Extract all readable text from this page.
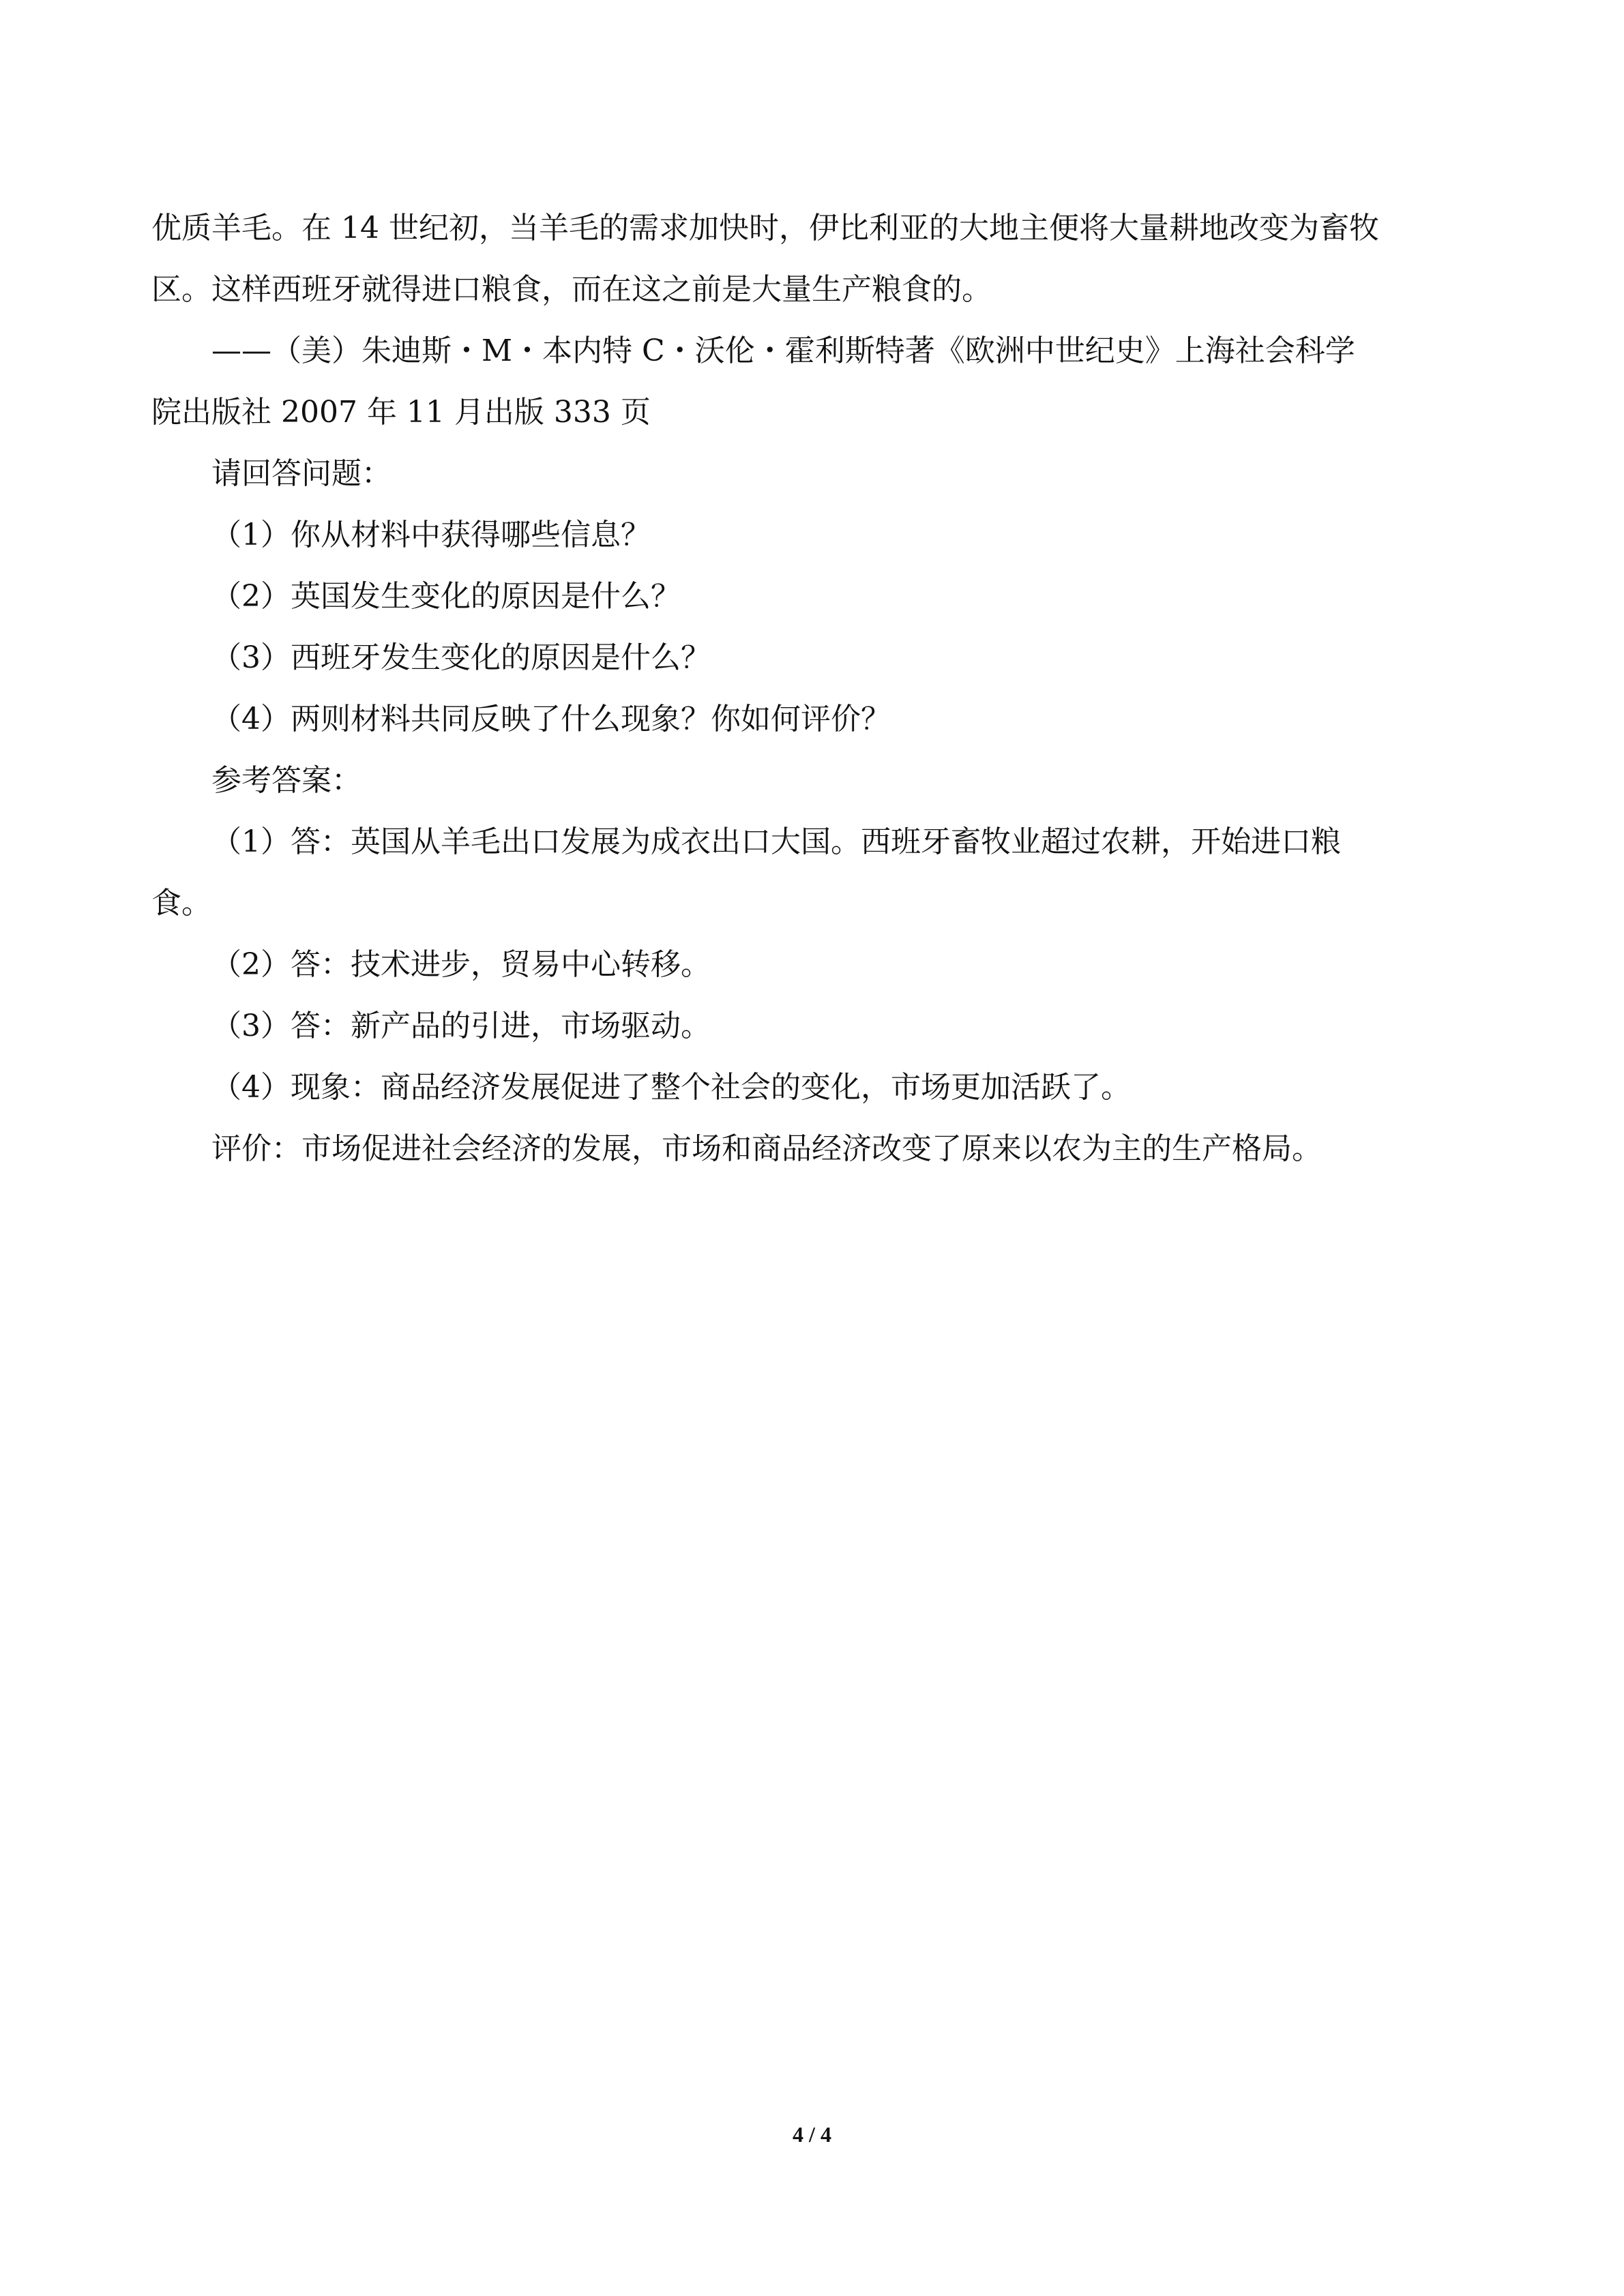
优质羊毛。在 14 世纪初，当羊毛的需求加快时，伊比利亚的大地主便将大量耕地改变为畜牧

区。这样西班牙就得进口粮食，而在这之前是大量生产粮食的。

——（美）朱迪斯・M・本内特 C・沃伦・霍利斯特著《欧洲中世纪史》上海社会科学

院出版社 2007 年 11 月出版 333 页

请回答问题：

（1）你从材料中获得哪些信息？

（2）英国发生变化的原因是什么？

（3）西班牙发生变化的原因是什么？

（4）两则材料共同反映了什么现象？你如何评价？

参考答案：

（1）答：英国从羊毛出口发展为成衣出口大国。西班牙畜牧业超过农耕，开始进口粮

食。

（2）答：技术进步，贸易中心转移。

（3）答：新产品的引进，市场驱动。

（4）现象：商品经济发展促进了整个社会的变化，市场更加活跃了。

评价：市场促进社会经济的发展，市场和商品经济改变了原来以农为主的生产格局。

4 / 4
